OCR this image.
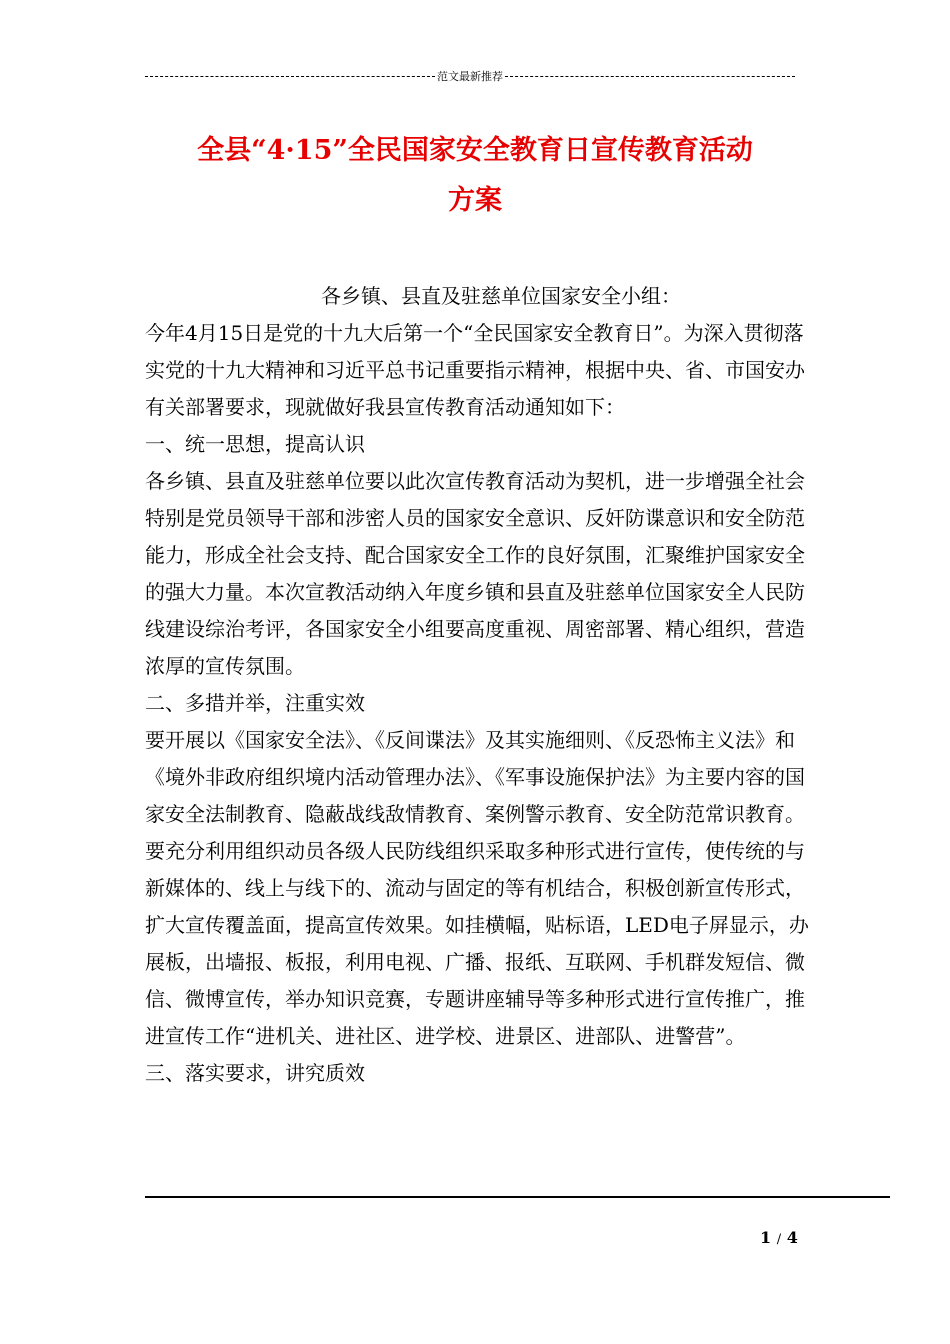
范文最新推荐
全县“4·15”全民国家安全教育日宣传教育活动
方案

各乡镇、县直及驻慈单位国家安全小组：

今年4月15日是党的十九大后第一个“全民国家安全教育日”。为深入贯彻落实党的十九大精神和习近平总书记重要指示精神，根据中央、省、市国安办有关部署要求，现就做好我县宣传教育活动通知如下：

一、统一思想，提高认识

各乡镇、县直及驻慈单位要以此次宣传教育活动为契机，进一步增强全社会特别是党员领导干部和涉密人员的国家安全意识、反奸防谍意识和安全防范能力，形成全社会支持、配合国家安全工作的良好氛围，汇聚维护国家安全的强大力量。本次宣教活动纳入年度乡镇和县直及驻慈单位国家安全人民防线建设综治考评，各国家安全小组要高度重视、周密部署、精心组织，营造浓厚的宣传氛围。

二、多措并举，注重实效

要开展以《国家安全法》、《反间谍法》及其实施细则、《反恐怖主义法》和《境外非政府组织境内活动管理办法》、《军事设施保护法》为主要内容的国家安全法制教育、隐蔽战线敌情教育、案例警示教育、安全防范常识教育。要充分利用组织动员各级人民防线组织采取多种形式进行宣传，使传统的与新媒体的、线上与线下的、流动与固定的等有机结合，积极创新宣传形式，扩大宣传覆盖面，提高宣传效果。如挂横幅，贴标语，LED电子屏显示，办展板，出墙报、板报，利用电视、广播、报纸、互联网、手机群发短信、微信、微博宣传，举办知识竞赛，专题讲座辅导等多种形式进行宣传推广，推进宣传工作“进机关、进社区、进学校、进景区、进部队、进警营”。

三、落实要求，讲究质效

1 / 4
